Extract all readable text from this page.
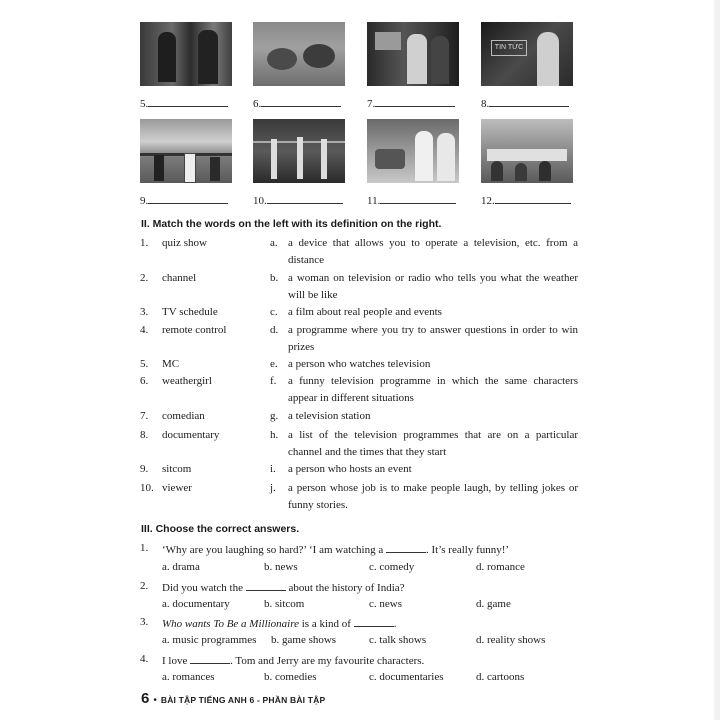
TIN TỨC
5.	6.	7.	8.
9.	10.	11.	12.
II. Match the words on the left with its definition on the right.
1. quiz show	a. a device that allows you to operate a television, etc. from a distance
2. channel	b. a woman on television or radio who tells you what the weather will be like
3. TV schedule	c. a film about real people and events
4. remote control	d. a programme where you try to answer questions in order to win prizes
5. MC	e. a person who watches television
6. weathergirl	f. a funny television programme in which the same characters appear in different situations
7. comedian	g. a television station
8. documentary	h. a list of the television programmes that are on a particular channel and the times that they start
9. sitcom	i. a person who hosts an event
10. viewer	j. a person whose job is to make people laugh, by telling jokes or funny stories.
III. Choose the correct answers.
1. ‘Why are you laughing so hard?’ ‘I am watching a	. It’s really funny!’
a. drama	b. news	c. comedy	d. romance
2. Did you watch the	about the history of India?
a. documentary	b. sitcom	c. news	d. game
3. Who wants To Be a Millionaire is a kind of	.
a. music programmes b. game shows	c. talk shows	d. reality shows
4. I love	. Tom and Jerry are my favourite characters.
a. romances	b. comedies	c. documentaries	d. cartoons
6 • BÀI TẬP TIẾNG ANH 6 - PHẦN BÀI TẬP
